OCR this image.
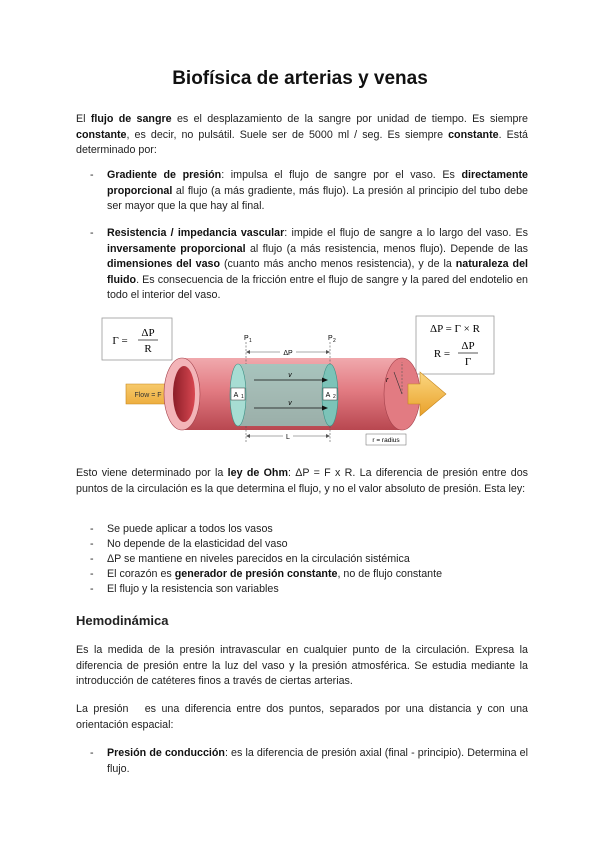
Biofísica de arterias y venas

El flujo de sangre es el desplazamiento de la sangre por unidad de tiempo. Es siempre constante, es decir, no pulsátil. Suele ser de 5000 ml / seg. Es siempre constante. Está determinado por:

- Gradiente de presión: impulsa el flujo de sangre por el vaso. Es directamente proporcional al flujo (a más gradiente, más flujo). La presión al principio del tubo debe ser mayor que la que hay al final.
- Resistencia / impedancia vascular: impide el flujo de sangre a lo largo del vaso. Es inversamente proporcional al flujo (a más resistencia, menos flujo). Depende de las dimensiones del vaso (cuanto más ancho menos resistencia), y de la naturaleza del fluido. Es consecuencia de la fricción entre el flujo de sangre y la pared del endotelio en todo el interior del vaso.
Γ =
ΔP
R
ΔP = Γ × R
R =
ΔP
Γ
Flow = F
v
v
A 1	A 2
P 1	P 2
ΔP
L
r
r = radius

Esto viene determinado por la ley de Ohm: ΔP = F x R. La diferencia de presión entre dos puntos de la circulación es la que determina el flujo, y no el valor absoluto de presión. Esta ley:

- Se puede aplicar a todos los vasos
- No depende de la elasticidad del vaso
- ΔP se mantiene en niveles parecidos en la circulación sistémica
- El corazón es generador de presión constante, no de flujo constante
- El flujo y la resistencia son variables
Hemodinámica

Es la medida de la presión intravascular en cualquier punto de la circulación. Expresa la diferencia de presión entre la luz del vaso y la presión atmosférica. Se estudia mediante la introducción de catéteres finos a través de ciertas arterias.

La presión   es una diferencia entre dos puntos, separados por una distancia y con una orientación espacial:

- Presión de conducción: es la diferencia de presión axial (final - principio). Determina el flujo.
